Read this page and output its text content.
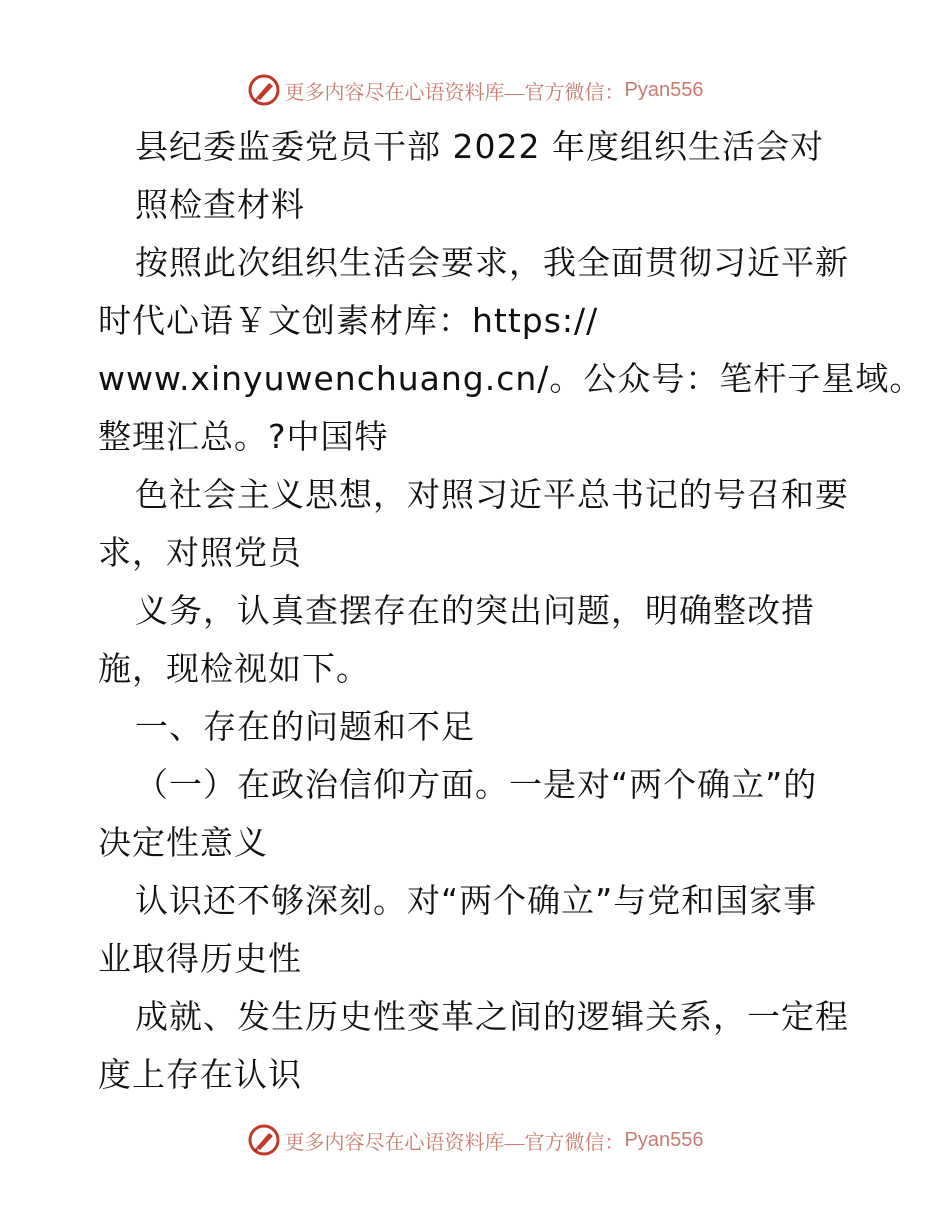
更多内容尽在心语资料库—官方微信： Pyan556
县纪委监委党员干部 2022 年度组织生活会对
照检查材料
按照此次组织生活会要求，我全面贯彻习近平新
时代心语￥文创素材库：https://
www.xinyuwenchuang.cn/。公众号：笔杆子星域。
整理汇总。?中国特
色社会主义思想，对照习近平总书记的号召和要
求，对照党员
义务，认真查摆存在的突出问题，明确整改措
施，现检视如下。
一、存在的问题和不足
（一）在政治信仰方面。一是对“两个确立”的
决定性意义
认识还不够深刻。对“两个确立”与党和国家事
业取得历史性
成就、发生历史性变革之间的逻辑关系，一定程
度上存在认识
更多内容尽在心语资料库—官方微信： Pyan556
